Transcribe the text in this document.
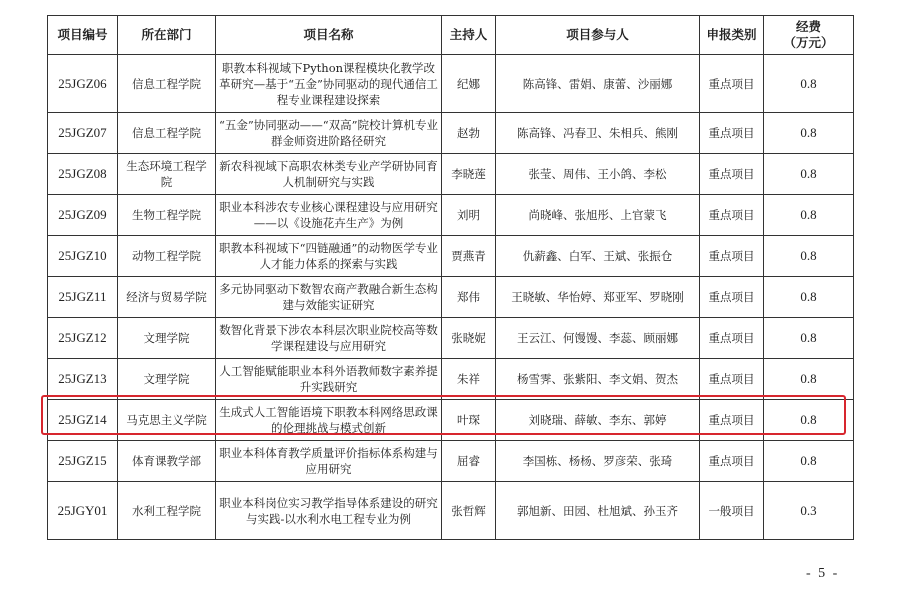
项目编号	所在部门	项目名称	主持人	项目参与人	申报类别	经费
（万元）

25JGZ06	信息工程学院	职教本科视域下Python课程模块化教学改革研究—基于“五金”协同驱动的现代通信工程专业课程建设探索	纪娜	陈高锋、雷娟、康蕾、沙丽娜	重点项目	0.8
25JGZ07	信息工程学院	“五金”协同驱动——“双高”院校计算机专业群金师资进阶路径研究	赵勃	陈高锋、冯春卫、朱相兵、熊刚	重点项目	0.8
25JGZ08	生态环境工程学院	新农科视域下高职农林类专业产学研协同育人机制研究与实践	李晓莲	张莹、周伟、王小鸽、李松	重点项目	0.8
25JGZ09	生物工程学院	职业本科涉农专业核心课程建设与应用研究——以《设施花卉生产》为例	刘明	尚晓峰、张旭彤、上官蒙飞	重点项目	0.8
25JGZ10	动物工程学院	职教本科视域下“四链融通”的动物医学专业人才能力体系的探索与实践	贾燕青	仇薪鑫、白军、王斌、张振仓	重点项目	0.8
25JGZ11	经济与贸易学院	多元协同驱动下数智农商产教融合新生态构建与效能实证研究	郑伟	王晓敏、华怡婷、郑亚军、罗晓刚	重点项目	0.8
25JGZ12	文理学院	数智化背景下涉农本科层次职业院校高等数学课程建设与应用研究	张晓妮	王云江、何馒馒、李蕊、顾丽娜	重点项目	0.8
25JGZ13	文理学院	人工智能赋能职业本科外语教师数字素养提升实践研究	朱祥	杨雪霁、张紫阳、李文娟、贺杰	重点项目	0.8
25JGZ14	马克思主义学院	生成式人工智能语境下职教本科网络思政课的伦理挑战与模式创新	叶琛	刘晓瑞、薛敏、李东、郭婷	重点项目	0.8
25JGZ15	体育课教学部	职业本科体育教学质量评价指标体系构建与应用研究	屈睿	李国栋、杨杨、罗彦荣、张琦	重点项目	0.8
25JGY01	水利工程学院	职业本科岗位实习教学指导体系建设的研究与实践-以水利水电工程专业为例	张哲辉	郭旭新、田园、杜旭斌、孙玉齐	一般项目	0.3
- 5 -
